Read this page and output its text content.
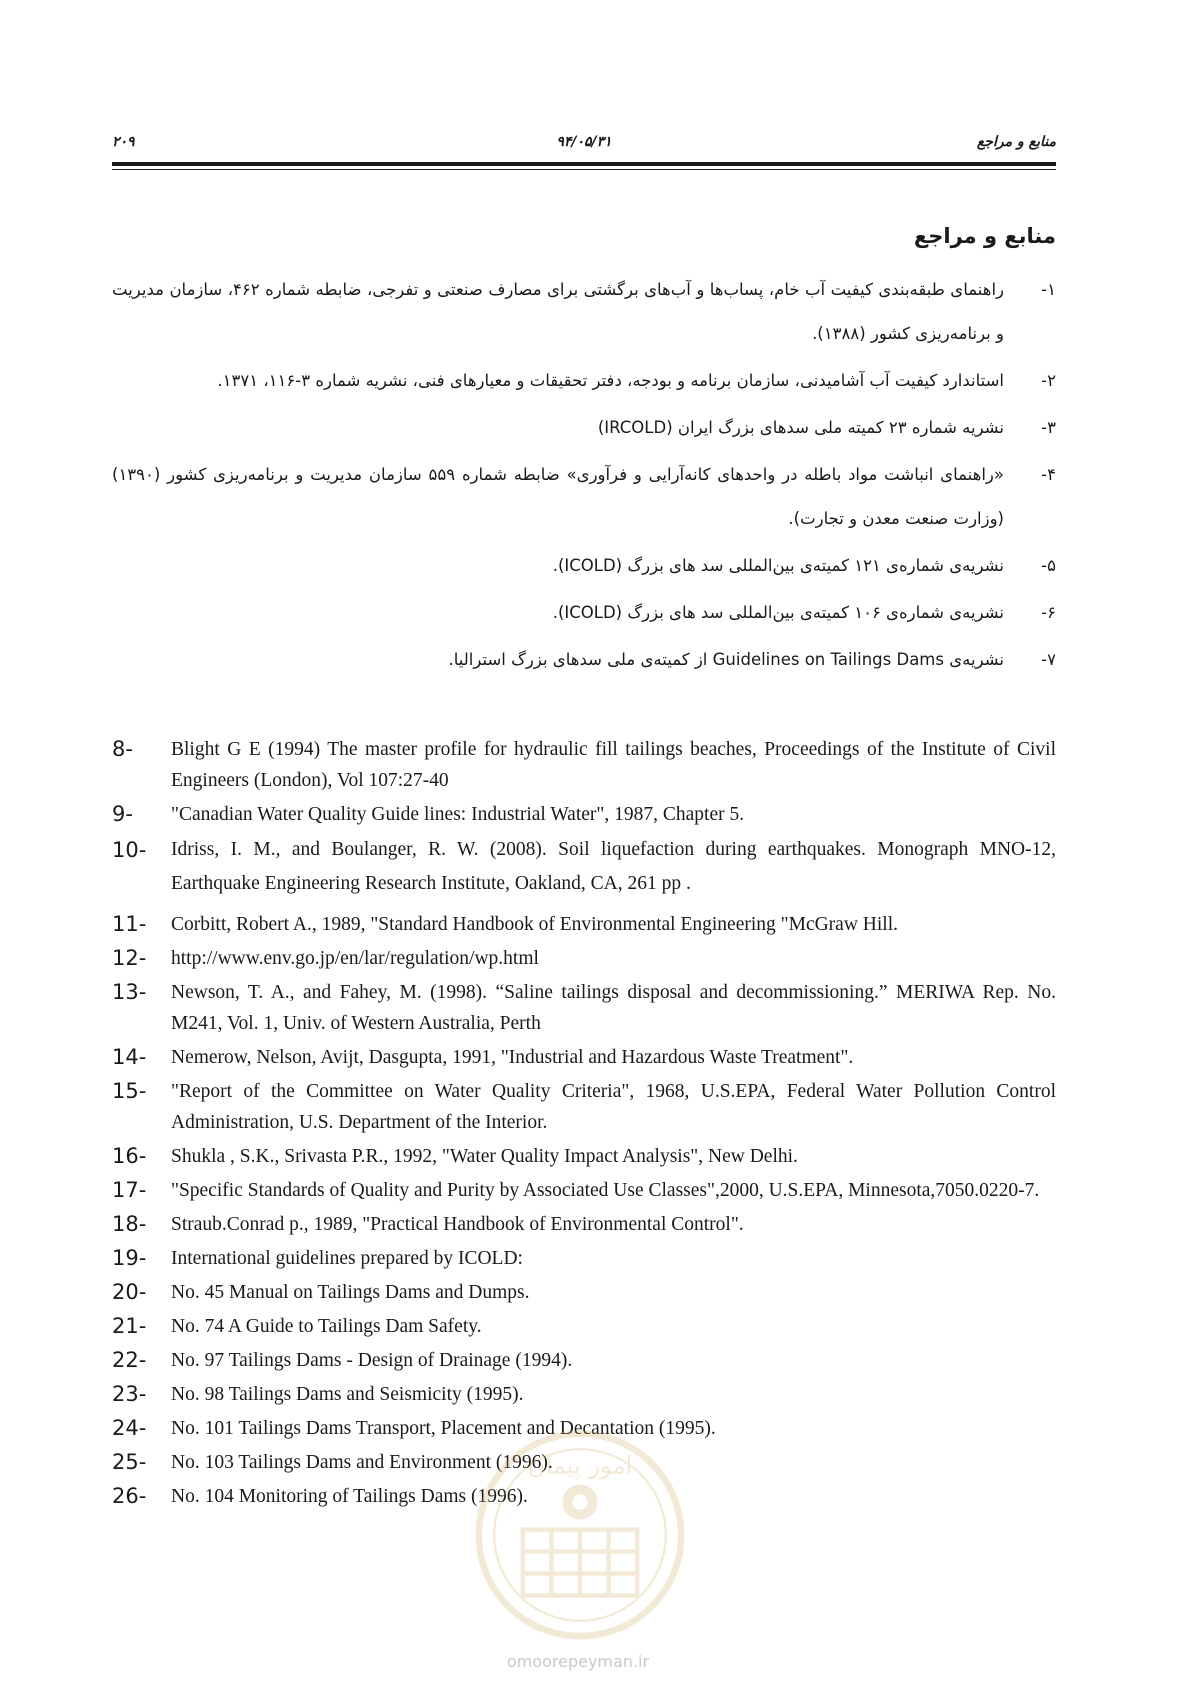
۲۰۹	۹۴/۰۵/۳۱	منابع و مراجع
منابع و مراجع
۱-
راهنمای طبقه‌بندی کیفیت آب خام، پساب‌ها و آب‌های برگشتی برای مصارف صنعتی و تفرجی، ضابطه شماره ۴۶۲، سازمان مدیریت و برنامه‌ریزی کشور (۱۳۸۸).
۲-
استاندارد کیفیت آب آشامیدنی، سازمان برنامه و بودجه، دفتر تحقیقات و معیارهای فنی، نشریه شماره ۳-۱۱۶، ۱۳۷۱.
۳-
نشریه شماره ۲۳ کمیته ملی سدهای بزرگ ایران (IRCOLD)
۴-
«راهنمای انباشت مواد باطله در واحدهای کانه‌آرایی و فرآوری» ضابطه شماره ۵۵۹ سازمان مدیریت و برنامه‌ریزی کشور (۱۳۹۰) (وزارت صنعت معدن و تجارت).
۵-
نشریه‌ی شماره‌ی ۱۲۱ کمیته‌ی بین‌المللی سد های بزرگ (ICOLD).
۶-
نشریه‌ی شماره‌ی ۱۰۶ کمیته‌ی بین‌المللی سد های بزرگ (ICOLD).
۷-
نشریه‌ی Guidelines on Tailings Dams از کمیته‌ی ملی سدهای بزرگ استرالیا.
8- Blight G E (1994) The master profile for hydraulic fill tailings beaches, Proceedings of the Institute of Civil Engineers (London), Vol 107:27-40
9- "Canadian Water Quality Guide lines: Industrial Water", 1987, Chapter 5.
10- Idriss, I. M., and Boulanger, R. W. (2008). Soil liquefaction during earthquakes. Monograph MNO-12, Earthquake Engineering Research Institute, Oakland, CA, 261 pp .
11- Corbitt, Robert A., 1989, "Standard Handbook of Environmental Engineering "McGraw Hill.
12- http://www.env.go.jp/en/lar/regulation/wp.html
13- Newson, T. A., and Fahey, M. (1998). “Saline tailings disposal and decommissioning.” MERIWA Rep. No. M241, Vol. 1, Univ. of Western Australia, Perth
14- Nemerow, Nelson, Avijt, Dasgupta, 1991, "Industrial and Hazardous Waste Treatment".
15- "Report of the Committee on Water Quality Criteria", 1968, U.S.EPA, Federal Water Pollution Control Administration, U.S. Department of the Interior.
16- Shukla , S.K., Srivasta P.R., 1992, "Water Quality Impact Analysis", New Delhi.
17- "Specific Standards of Quality and Purity by Associated Use Classes",2000, U.S.EPA, Minnesota,7050.0220-7.
18- Straub.Conrad p., 1989, "Practical Handbook of Environmental Control".
19- International guidelines prepared by ICOLD:
20- No. 45 Manual on Tailings Dams and Dumps.
21- No. 74 A Guide to Tailings Dam Safety.
22- No. 97 Tailings Dams - Design of Drainage (1994).
23- No. 98 Tailings Dams and Seismicity (1995).
24- No. 101 Tailings Dams Transport, Placement and Decantation (1995).
25- No. 103 Tailings Dams and Environment (1996).
26- No. 104 Monitoring of Tailings Dams (1996).
امور پیمان
omoorepeyman.ir
